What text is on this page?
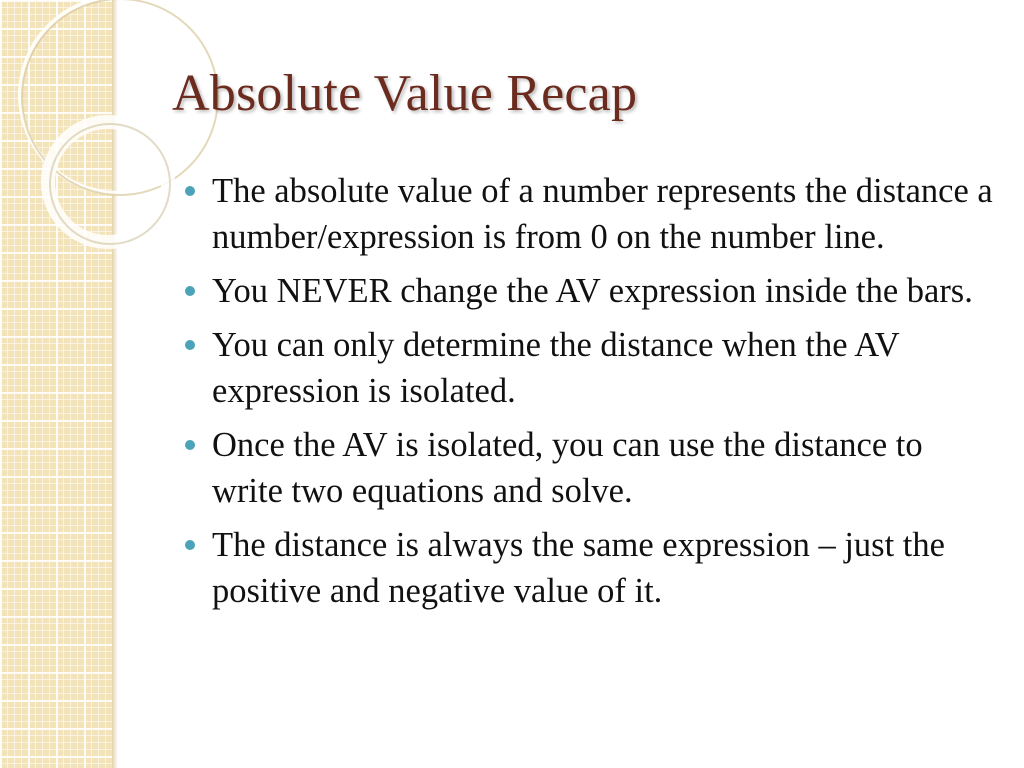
Absolute Value Recap
The absolute value of a number represents the distance a number/expression is from 0 on the number line.
You NEVER change the AV expression inside the bars.
You can only determine the distance when the AV expression is isolated.
Once the AV is isolated, you can use the distance to write two equations and solve.
The distance is always the same expression – just the positive and negative value of it.
